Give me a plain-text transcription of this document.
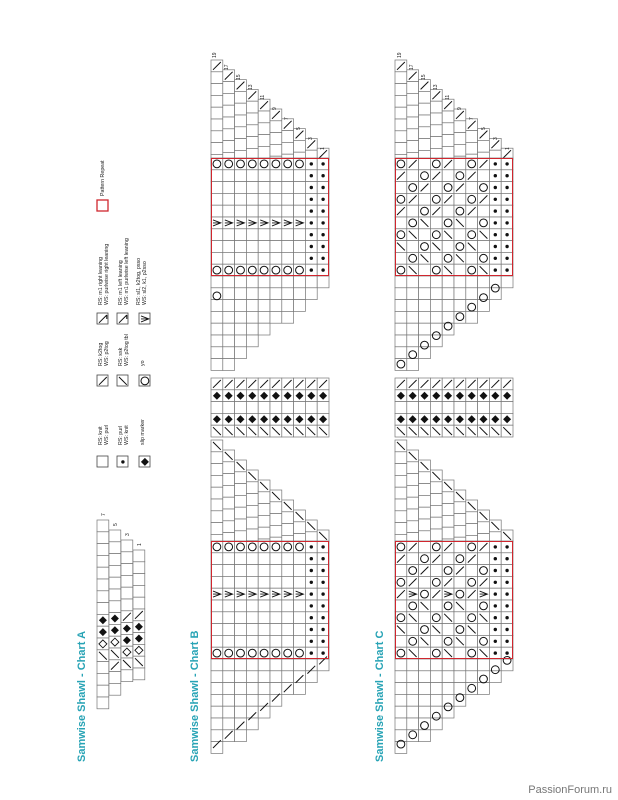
Samwise Shawl - Chart A	Samwise Shawl - Chart B	Samwise Shawl - Chart C
RS: knit WS: purl RS: purl WS: knit slip marker
RS: k2tog WS: p2tog RS: ssk WS: p2tog tbl yo
RS: m1 right leaning WS: purlwise right leaning RS: m1 left leaning WS: m1 purlwise left leaning RS: sl1, k2tog, psso WS: sl2, k1, p2sso
Pattern Repeat
1
3
5
7
1
3
5
7
9
11
13
15
17
19
1
3
5
7
9
11
13
15
17
19
PassionForum.ru
